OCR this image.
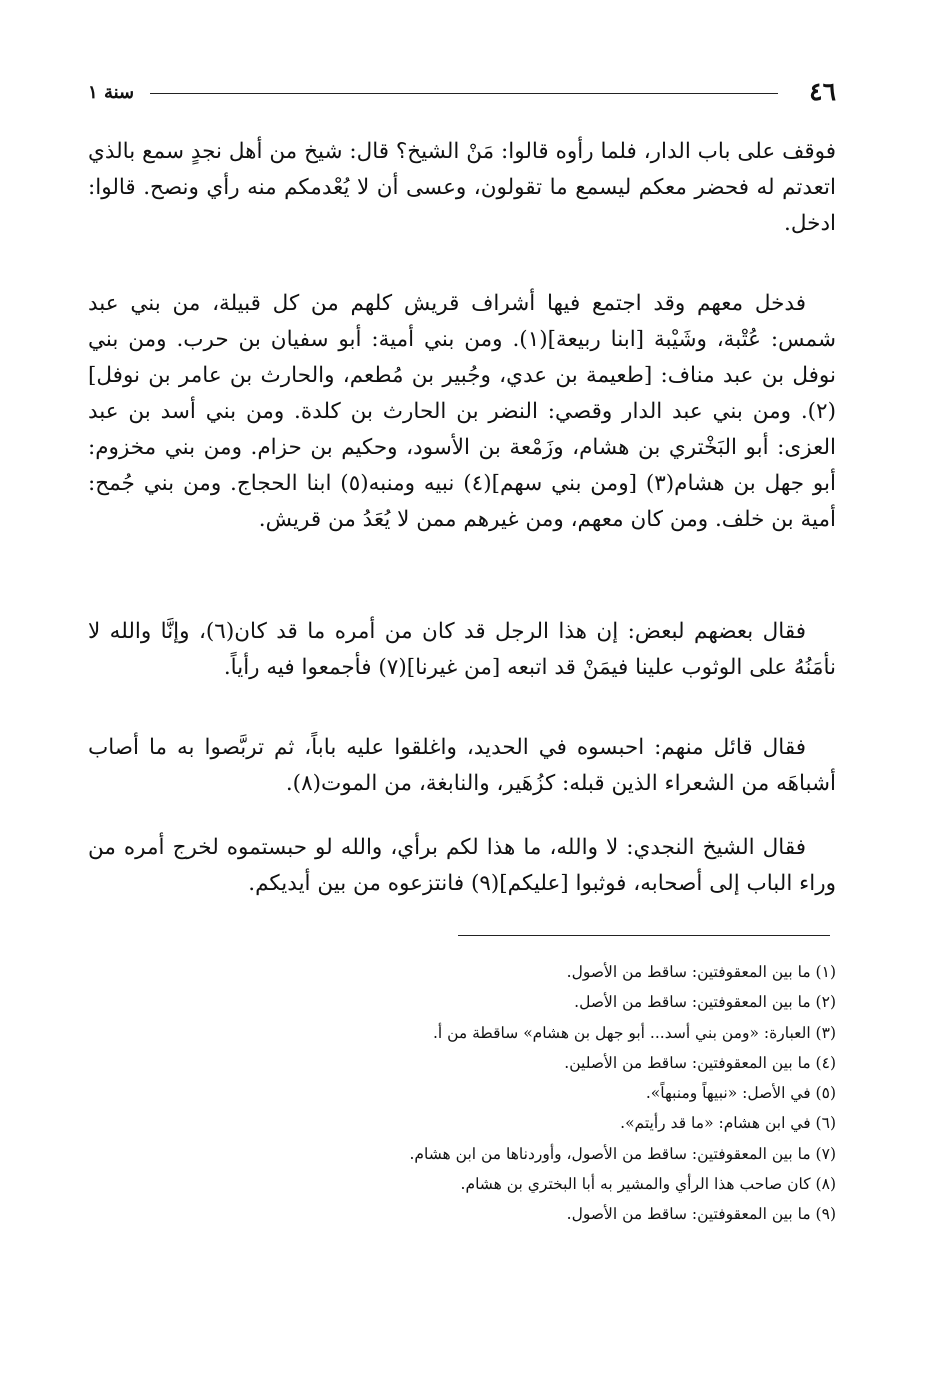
٤٦
سنة ١

فوقف على باب الدار، فلما رأوه قالوا: مَنْ الشيخ؟ قال: شيخ من أهل نجدٍ سمع بالذي اتعدتم له فحضر معكم ليسمع ما تقولون، وعسى أن لا يُعْدمكم منه رأي ونصح. قالوا: ادخل.

فدخل معهم وقد اجتمع فيها أشراف قريش كلهم من كل قبيلة، من بني عبد شمس: عُتْبة، وشَيْبة [ابنا ربيعة](١). ومن بني أمية: أبو سفيان بن حرب. ومن بني نوفل بن عبد مناف: [طعيمة بن عدي، وجُبير بن مُطعم، والحارث بن عامر بن نوفل](٢). ومن بني عبد الدار وقصي: النضر بن الحارث بن كلدة. ومن بني أسد بن عبد العزى: أبو البَخْتري بن هشام، وزَمْعة بن الأسود، وحكيم بن حزام. ومن بني مخزوم: أبو جهل بن هشام(٣) [ومن بني سهم](٤) نبيه ومنبه(٥) ابنا الحجاج. ومن بني جُمح: أمية بن خلف. ومن كان معهم، ومن غيرهم ممن لا يُعَدُ من قريش.

فقال بعضهم لبعض: إن هذا الرجل قد كان من أمره ما قد كان(٦)، وإنَّا والله لا نأمَنُهُ على الوثوب علينا فيمَنْ قد اتبعه [من غيرنا](٧) فأجمعوا فيه رأياً.

فقال قائل منهم: احبسوه في الحديد، واغلقوا عليه باباً، ثم تربَّصوا به ما أصاب أشباهَه من الشعراء الذين قبله: كزُهَير، والنابغة، من الموت(٨).

فقال الشيخ النجدي: لا والله، ما هذا لكم برأي، والله لو حبستموه لخرج أمره من وراء الباب إلى أصحابه، فوثبوا [عليكم](٩) فانتزعوه من بين أيديكم.

(١) ما بين المعقوفتين: ساقط من الأصول.
(٢) ما بين المعقوفتين: ساقط من الأصل.
(٣) العبارة: «ومن بني أسد... أبو جهل بن هشام» ساقطة من أ.
(٤) ما بين المعقوفتين: ساقط من الأصلين.
(٥) في الأصل: «نبيهاً ومنبهاً».
(٦) في ابن هشام: «ما قد رأيتم».
(٧) ما بين المعقوفتين: ساقط من الأصول، وأوردناها من ابن هشام.
(٨) كان صاحب هذا الرأي والمشير به أبا البختري بن هشام.
(٩) ما بين المعقوفتين: ساقط من الأصول.
